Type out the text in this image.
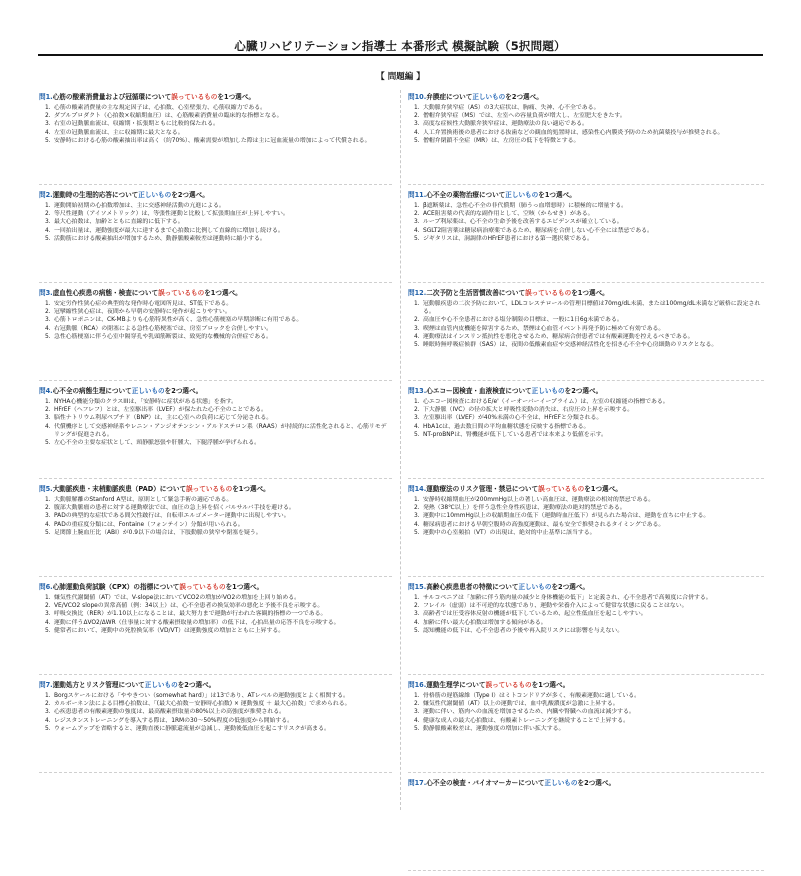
心臓リハビリテーション指導士 本番形式 模擬試験（5択問題）
【 問題編 】
問1.心筋の酸素消費量および冠循環について誤っているものを1つ選べ。
1. 心筋の酸素消費量の主な規定因子は、心拍数、心室壁張力、心筋収縮力である。
2. ダブルプロダクト（心拍数×収縮期血圧）は、心筋酸素消費量の臨床的な指標となる。
3. 右室の冠動脈血流は、収縮期・拡張期ともに比較的保たれる。
4. 左室の冠動脈血流は、主に収縮期に最大となる。
5. 安静時における心筋の酸素抽出率は高く（約70%）、酸素需要が増加した際は主に冠血流量の増加によって代償される。
問2.運動時の生理的応答について正しいものを2つ選べ。
1. 運動開始初期の心拍数増加は、主に交感神経活動の亢進による。
2. 等尺性運動（アイソメトリック）は、等張性運動と比較して拡張期血圧が上昇しやすい。
3. 最大心拍数は、加齢とともに直線的に低下する。
4. 一回拍出量は、運動強度が最大に達するまで心拍数に比例して直線的に増加し続ける。
5. 活動筋における酸素抽出が増加するため、動静脈酸素較差は運動時に縮小する。
問3.虚血性心疾患の病態・検査について誤っているものを1つ選べ。
1. 安定労作性狭心症の典型的な発作時心電図所見は、ST低下である。
2. 冠攣縮性狭心症は、夜間から早朝の安静時に発作が起こりやすい。
3. 心筋トロポニンは、CK-MBよりも心筋特異性が高く、急性心筋梗塞の早期診断に有用である。
4. 右冠動脈（RCA）の閉塞による急性心筋梗塞では、房室ブロックを合併しやすい。
5. 急性心筋梗塞に伴う心室中隔穿孔や乳頭筋断裂は、致死的な機械的合併症である。
問4.心不全の病態生理について正しいものを2つ選べ。
1. NYHA心機能分類のクラスIIIは、「安静時に症状がある状態」を指す。
2. HFrEF（ヘフレフ）とは、左室駆出率（LVEF）が保たれた心不全のことである。
3. 脳性ナトリウム利尿ペプチド（BNP）は、主に心室への負荷に応じて分泌される。
4. 代償機序として交感神経系やレニン・アンジオテンシン・アルドステロン系（RAAS）が持続的に活性化されると、心筋リモデリングが促進される。
5. 左心不全の主要な症状として、頸静脈怒張や肝腫大、下腿浮腫が挙げられる。
問5.大動脈疾患・末梢動脈疾患（PAD）について誤っているものを1つ選べ。
1. 大動脈解離のStanford A型は、原則として緊急手術の適応である。
2. 腹部大動脈瘤の患者に対する運動療法では、血圧の急上昇を招くバルサルバ手技を避ける。
3. PADの典型的な症状である間欠性跛行は、自転車エルゴメーター運動中に出現しやすい。
4. PADの重症度分類には、Fontaine（フォンテイン）分類が用いられる。
5. 足関節上腕血圧比（ABI）が0.9以下の場合は、下肢動脈の狭窄や閉塞を疑う。
問6.心肺運動負荷試験（CPX）の指標について誤っているものを1つ選べ。
1. 嫌気性代謝閾値（AT）では、V-slope法においてVCO2の増加がVO2の増加を上回り始める。
2. VE/VCO2 slopeの異常高値（例：34以上）は、心不全患者の換気効率の悪化と予後不良を示唆する。
3. 呼吸交換比（RER）が1.10以上になることは、最大努力まで運動が行われた客観的指標の一つである。
4. 運動に伴うΔVO2/ΔWR（仕事量に対する酸素摂取量の増加率）の低下は、心拍出量の応答不良を示唆する。
5. 健常者において、運動中の死腔換気率（VD/VT）は運動強度の増加とともに上昇する。
問7.運動処方とリスク管理について正しいものを2つ選べ。
1. Borgスケールにおける「ややきつい（somewhat hard）」は13であり、ATレベルの運動強度とよく相関する。
2. カルボーネン法による目標心拍数は、「(最大心拍数－安静時心拍数) × 運動強度 ＋ 最大心拍数」で求められる。
3. 心疾患患者の有酸素運動の強度は、最高酸素摂取量の80%以上の高強度が推奨される。
4. レジスタンストレーニングを導入する際は、1RMの30〜50%程度の低強度から開始する。
5. ウォームアップを省略すると、運動直後に静脈還流量が急減し、運動後低血圧を起こすリスクが高まる。
問10.弁膜症について正しいものを2つ選べ。
1. 大動脈弁狭窄症（AS）の3大症状は、胸痛、失神、心不全である。
2. 僧帽弁狭窄症（MS）では、左室への容量負荷が増大し、左室肥大をきたす。
3. 高度な症候性大動脈弁狭窄症は、運動療法の良い適応である。
4. 人工弁置換術後の患者における抜歯などの観血的処置時は、感染性心内膜炎予防のため抗菌薬投与が推奨される。
5. 僧帽弁閉鎖不全症（MR）は、左房圧の低下を特徴とする。
問11.心不全の薬物治療について正しいものを1つ選べ。
1. β遮断薬は、急性心不全の非代償期（肺うっ血増悪時）に積極的に増量する。
2. ACE阻害薬の代表的な副作用として、空咳（からせき）がある。
3. ループ利尿薬は、心不全の生命予後を改善するエビデンスが確立している。
4. SGLT2阻害薬は糖尿病治療薬であるため、糖尿病を合併しない心不全には禁忌である。
5. ジギタリスは、洞調律のHFrEF患者における第一選択薬である。
問12.二次予防と生活習慣改善について誤っているものを1つ選べ。
1. 冠動脈疾患の二次予防において、LDLコレステロールの管理目標値は70mg/dL未満、または100mg/dL未満など厳格に設定される。
2. 高血圧や心不全患者における塩分制限の目標は、一般に1日6g未満である。
3. 喫煙は血管内皮機能を障害するため、禁煙は心血管イベント再発予防に極めて有効である。
4. 運動療法はインスリン抵抗性を悪化させるため、糖尿病合併患者では有酸素運動を控えるべきである。
5. 睡眠時無呼吸症候群（SAS）は、夜間の低酸素血症や交感神経活性化を招き心不全や心房細動のリスクとなる。
問13.心エコー図検査・血液検査について正しいものを2つ選べ。
1. 心エコー図検査におけるE/e'（イーオーバーイープライム）は、左室の収縮能の指標である。
2. 下大静脈（IVC）の径の拡大と呼吸性変動の消失は、右房圧の上昇を示唆する。
3. 左室駆出率（LVEF）が40%未満の心不全は、HFrEFと分類される。
4. HbA1cは、過去数日間の平均血糖状態を反映する指標である。
5. NT-proBNPは、腎機能が低下している患者では本来より低値を示す。
問14.運動療法のリスク管理・禁忌について誤っているものを1つ選べ。
1. 安静時収縮期血圧が200mmHg以上の著しい高血圧は、運動療法の相対的禁忌である。
2. 発熱（38℃以上）を伴う急性全身性疾患は、運動療法の絶対的禁忌である。
3. 運動中に10mmHg以上の収縮期血圧の低下（運動時血圧低下）が見られた場合は、運動を直ちに中止する。
4. 糖尿病患者における早朝空腹時の高強度運動は、最も安全で推奨されるタイミングである。
5. 運動中の心室頻拍（VT）の出現は、絶対的中止基準に該当する。
問15.高齢心疾患患者の特徴について正しいものを2つ選べ。
1. サルコペニアは「加齢に伴う筋肉量の減少と身体機能の低下」と定義され、心不全患者で高頻度に合併する。
2. フレイル（虚弱）は不可逆的な状態であり、運動や栄養介入によって健常な状態に戻ることはない。
3. 高齢者では圧受容体反射の機能が低下しているため、起立性低血圧を起こしやすい。
4. 加齢に伴い最大心拍数は増加する傾向がある。
5. 認知機能の低下は、心不全患者の予後や再入院リスクには影響を与えない。
問16.運動生理学について誤っているものを1つ選べ。
1. 骨格筋の遅筋線維（Type I）はミトコンドリアが多く、有酸素運動に適している。
2. 嫌気性代謝閾値（AT）以上の運動では、血中乳酸濃度が急激に上昇する。
3. 運動に伴い、筋肉への血流を増加させるため、内臓や腎臓への血流は減少する。
4. 健康な成人の最大心拍数は、有酸素トレーニングを継続することで上昇する。
5. 動静脈酸素較差は、運動強度の増加に伴い拡大する。
問17.心不全の検査・バイオマーカーについて正しいものを2つ選べ。
